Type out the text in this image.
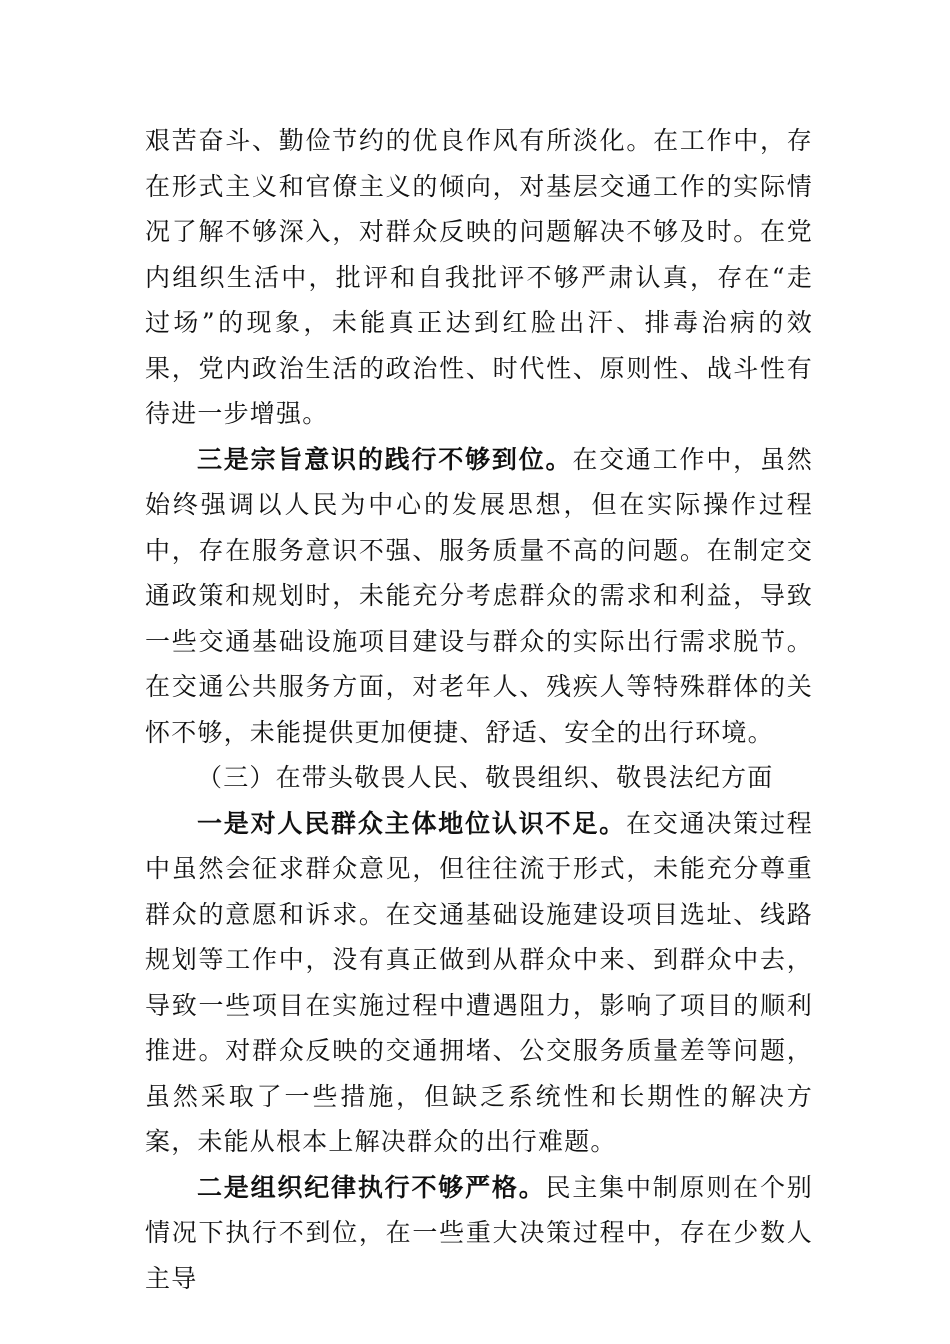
艰苦奋斗、勤俭节约的优良作风有所淡化。在工作中，存在形式主义和官僚主义的倾向，对基层交通工作的实际情况了解不够深入，对群众反映的问题解决不够及时。在党内组织生活中，批评和自我批评不够严肃认真，存在“走过场”的现象，未能真正达到红脸出汗、排毒治病的效果，党内政治生活的政治性、时代性、原则性、战斗性有待进一步增强。

三是宗旨意识的践行不够到位。在交通工作中，虽然始终强调以人民为中心的发展思想，但在实际操作过程中，存在服务意识不强、服务质量不高的问题。在制定交通政策和规划时，未能充分考虑群众的需求和利益，导致一些交通基础设施项目建设与群众的实际出行需求脱节。在交通公共服务方面，对老年人、残疾人等特殊群体的关怀不够，未能提供更加便捷、舒适、安全的出行环境。

（三）在带头敬畏人民、敬畏组织、敬畏法纪方面

一是对人民群众主体地位认识不足。在交通决策过程中虽然会征求群众意见，但往往流于形式，未能充分尊重群众的意愿和诉求。在交通基础设施建设项目选址、线路规划等工作中，没有真正做到从群众中来、到群众中去，导致一些项目在实施过程中遭遇阻力，影响了项目的顺利推进。对群众反映的交通拥堵、公交服务质量差等问题，虽然采取了一些措施，但缺乏系统性和长期性的解决方案，未能从根本上解决群众的出行难题。

二是组织纪律执行不够严格。民主集中制原则在个别情况下执行不到位，在一些重大决策过程中，存在少数人主导
